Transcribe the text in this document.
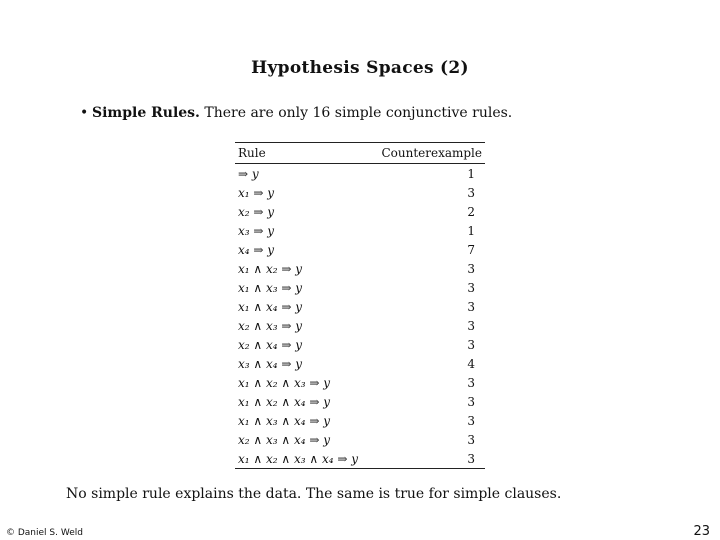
Hypothesis Spaces (2)
• Simple Rules. There are only 16 simple conjunctive rules.
Rule	Counterexample
⇒ y	1
x₁ ⇒ y	3
x₂ ⇒ y	2
x₃ ⇒ y	1
x₄ ⇒ y	7
x₁ ∧ x₂ ⇒ y	3
x₁ ∧ x₃ ⇒ y	3
x₁ ∧ x₄ ⇒ y	3
x₂ ∧ x₃ ⇒ y	3
x₂ ∧ x₄ ⇒ y	3
x₃ ∧ x₄ ⇒ y	4
x₁ ∧ x₂ ∧ x₃ ⇒ y	3
x₁ ∧ x₂ ∧ x₄ ⇒ y	3
x₁ ∧ x₃ ∧ x₄ ⇒ y	3
x₂ ∧ x₃ ∧ x₄ ⇒ y	3
x₁ ∧ x₂ ∧ x₃ ∧ x₄ ⇒ y	3
No simple rule explains the data. The same is true for simple clauses.
© Daniel S. Weld	23
